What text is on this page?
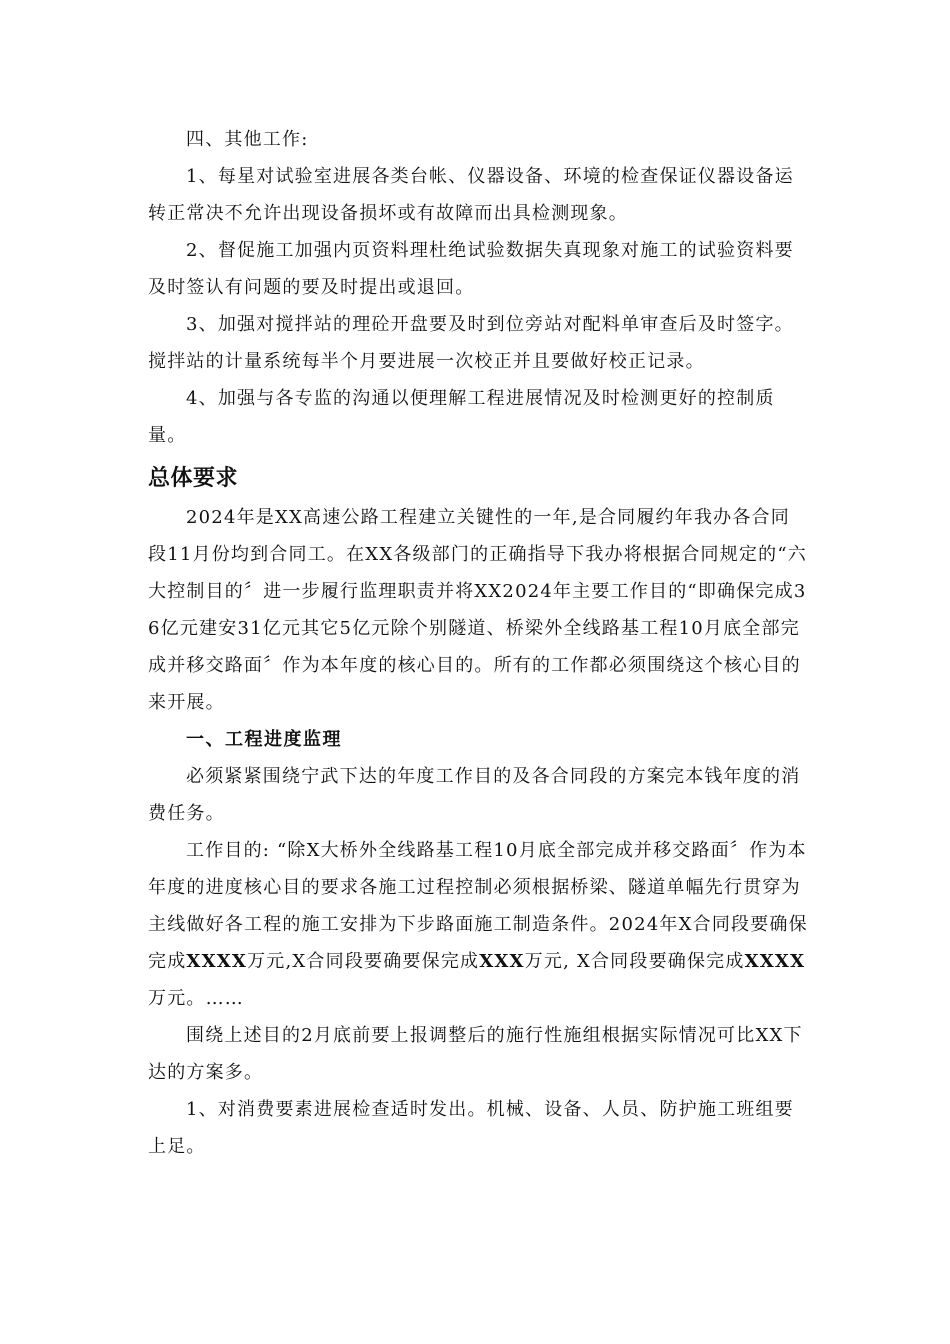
四、其他工作:

1、每星对试验室进展各类台帐、仪器设备、环境的检查保证仪器设备运转正常决不允许出现设备损坏或有故障而出具检测现象。

2、督促施工加强内页资料理杜绝试验数据失真现象对施工的试验资料要及时签认有问题的要及时提出或退回。

3、加强对搅拌站的理砼开盘要及时到位旁站对配料单审查后及时签字。搅拌站的计量系统每半个月要进展一次校正并且要做好校正记录。

4、加强与各专监的沟通以便理解工程进展情况及时检测更好的控制质量。

总体要求

2024年是XX高速公路工程建立关键性的一年,是合同履约年我办各合同段11月份均到合同工。在XX各级部门的正确指导下我办将根据合同规定的“六大控制目的〞进一步履行监理职责并将XX2024年主要工作目的“即确保完成36亿元建安31亿元其它5亿元除个别隧道、桥梁外全线路基工程10月底全部完成并移交路面〞作为本年度的核心目的。所有的工作都必须围绕这个核心目的来开展。

一、工程进度监理

必须紧紧围绕宁武下达的年度工作目的及各合同段的方案完本钱年度的消费任务。

工作目的: “除X大桥外全线路基工程10月底全部完成并移交路面〞作为本年度的进度核心目的要求各施工过程控制必须根据桥梁、隧道单幅先行贯穿为主线做好各工程的施工安排为下步路面施工制造条件。2024年X合同段要确保完成XXXX万元,X合同段要确要保完成XXX万元, X合同段要确保完成XXXX万元。……

围绕上述目的2月底前要上报调整后的施行性施组根据实际情况可比XX下达的方案多。

1、对消费要素进展检查适时发出。机械、设备、人员、防护施工班组要上足。
